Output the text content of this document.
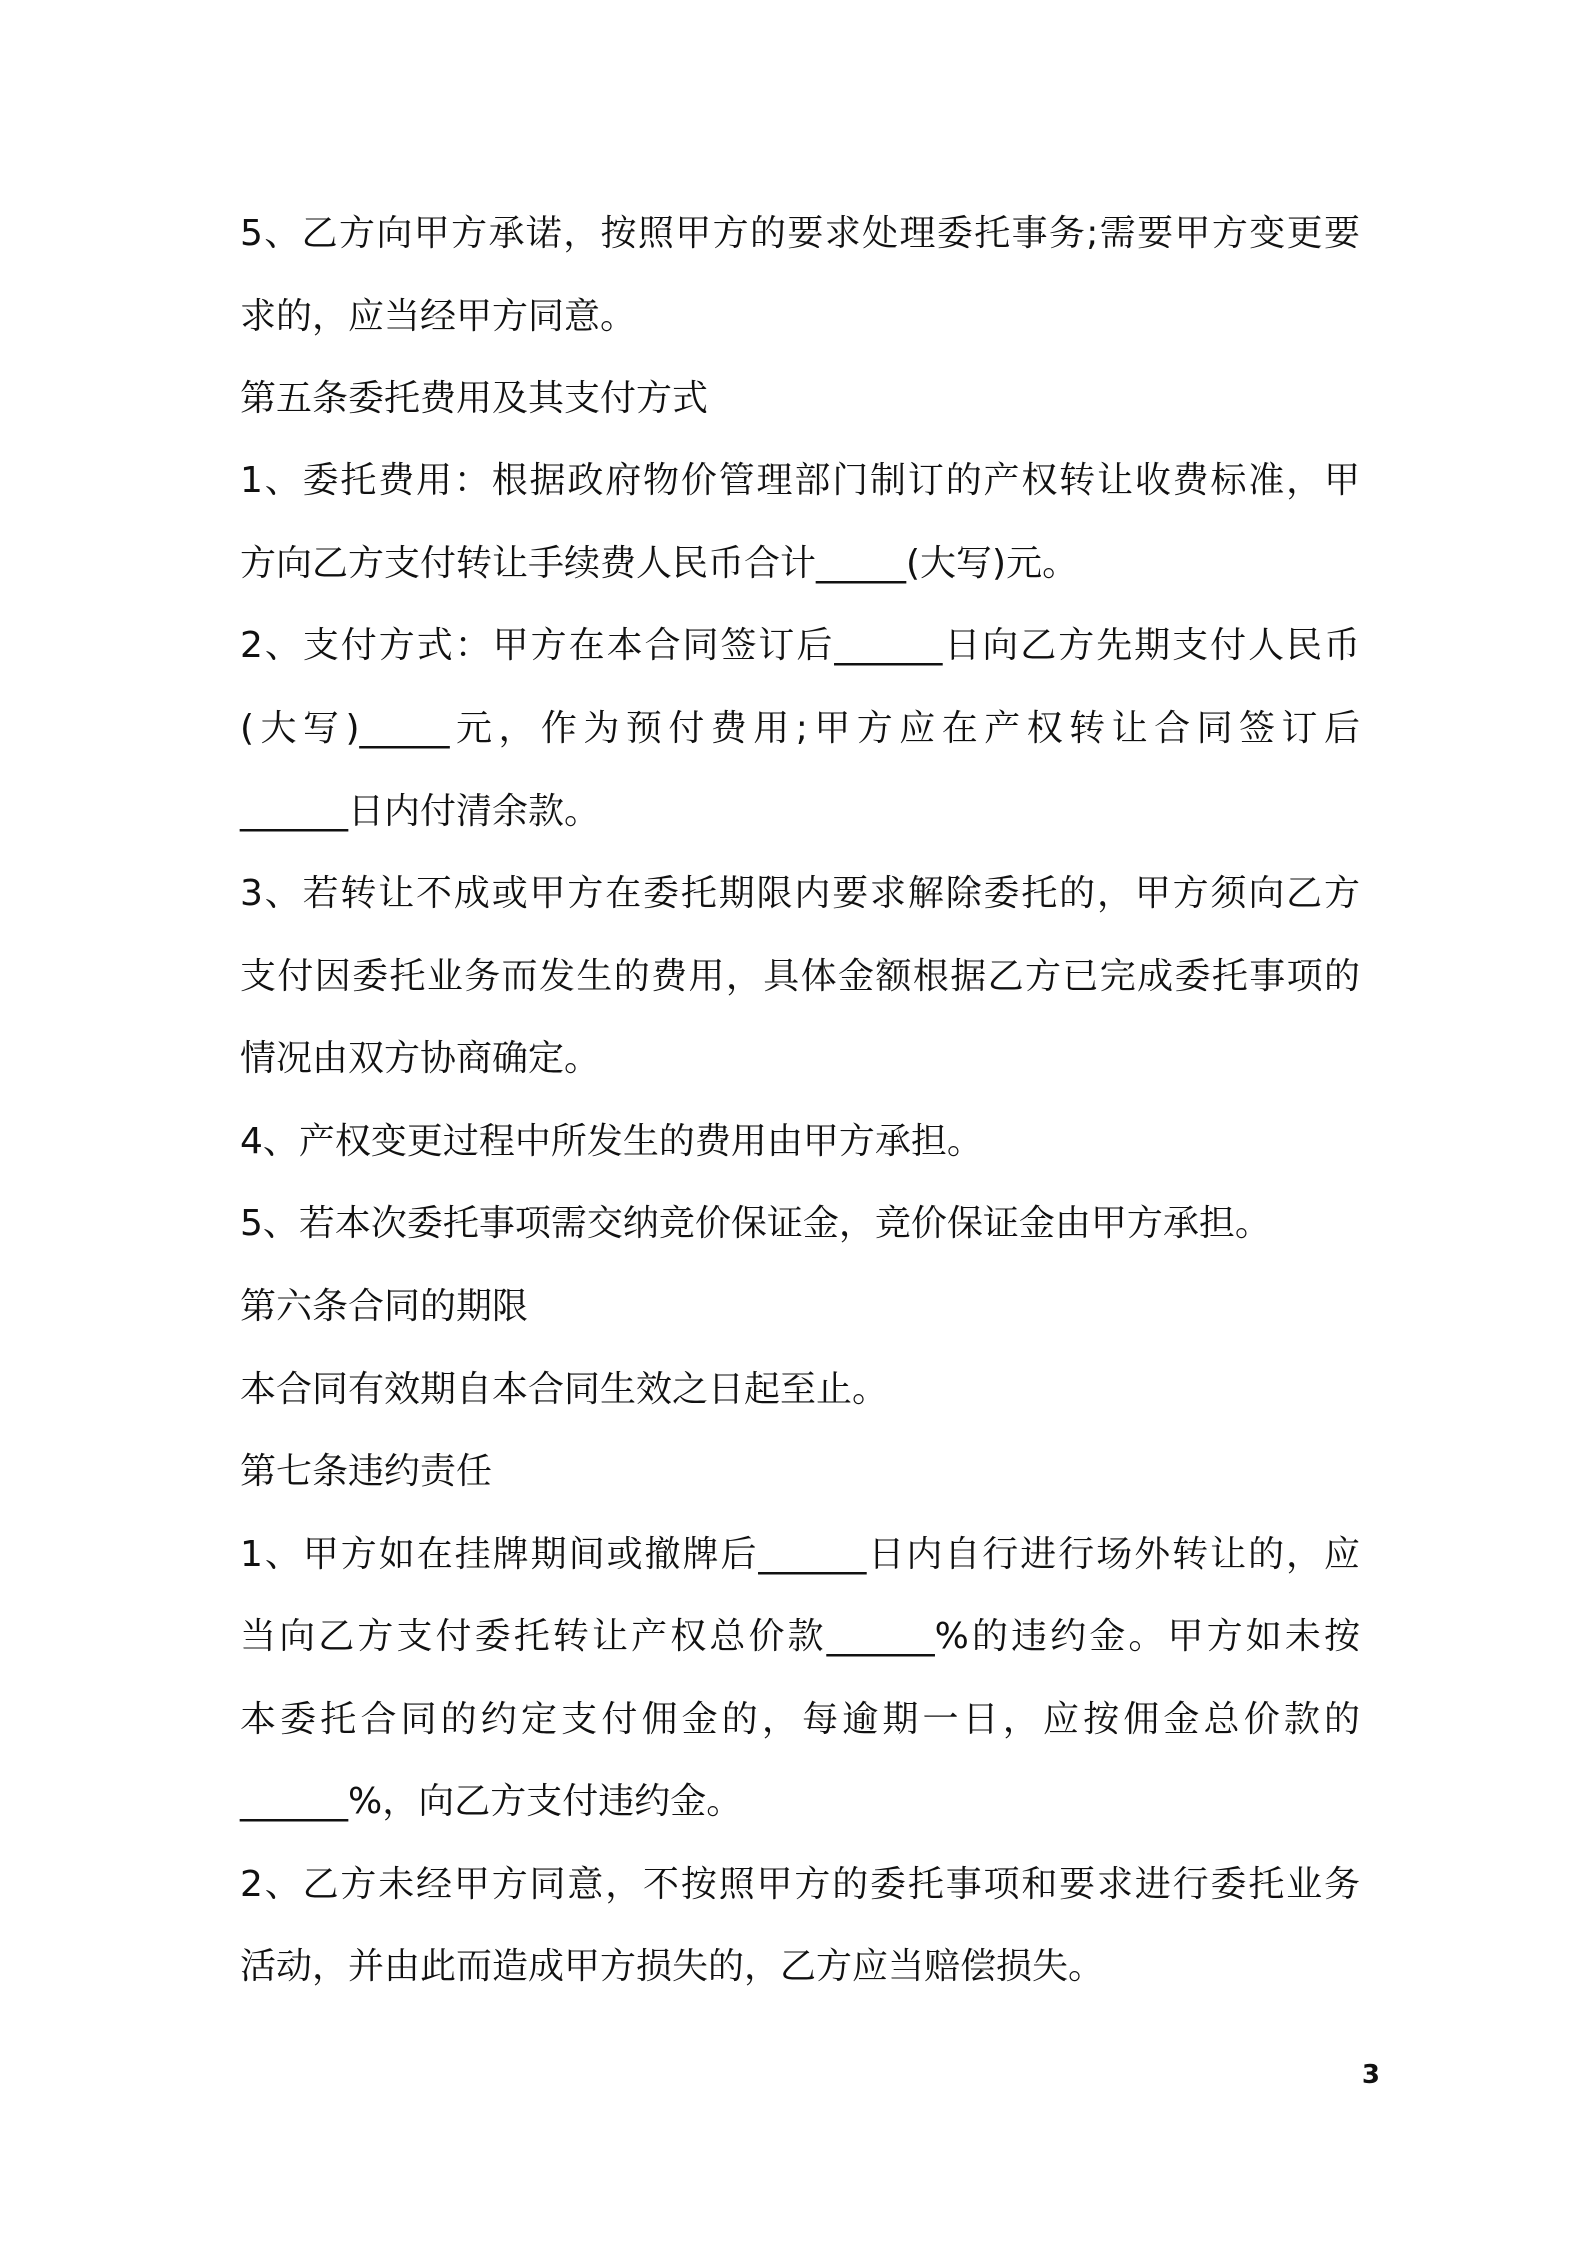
5、乙方向甲方承诺，按照甲方的要求处理委托事务;需要甲方变更要
求的，应当经甲方同意。
第五条委托费用及其支付方式
1、委托费用：根据政府物价管理部门制订的产权转让收费标准，甲
方向乙方支付转让手续费人民币合计_____(大写)元。
2、支付方式：甲方在本合同签订后______日向乙方先期支付人民币
(大写)_____元，作为预付费用;甲方应在产权转让合同签订后
______日内付清余款。
3、若转让不成或甲方在委托期限内要求解除委托的，甲方须向乙方
支付因委托业务而发生的费用，具体金额根据乙方已完成委托事项的
情况由双方协商确定。
4、产权变更过程中所发生的费用由甲方承担。
5、若本次委托事项需交纳竞价保证金，竞价保证金由甲方承担。
第六条合同的期限
本合同有效期自本合同生效之日起至止。
第七条违约责任
1、甲方如在挂牌期间或撤牌后______日内自行进行场外转让的，应
当向乙方支付委托转让产权总价款______%的违约金。甲方如未按
本委托合同的约定支付佣金的，每逾期一日，应按佣金总价款的
______%，向乙方支付违约金。
2、乙方未经甲方同意，不按照甲方的委托事项和要求进行委托业务
活动，并由此而造成甲方损失的，乙方应当赔偿损失。
3
